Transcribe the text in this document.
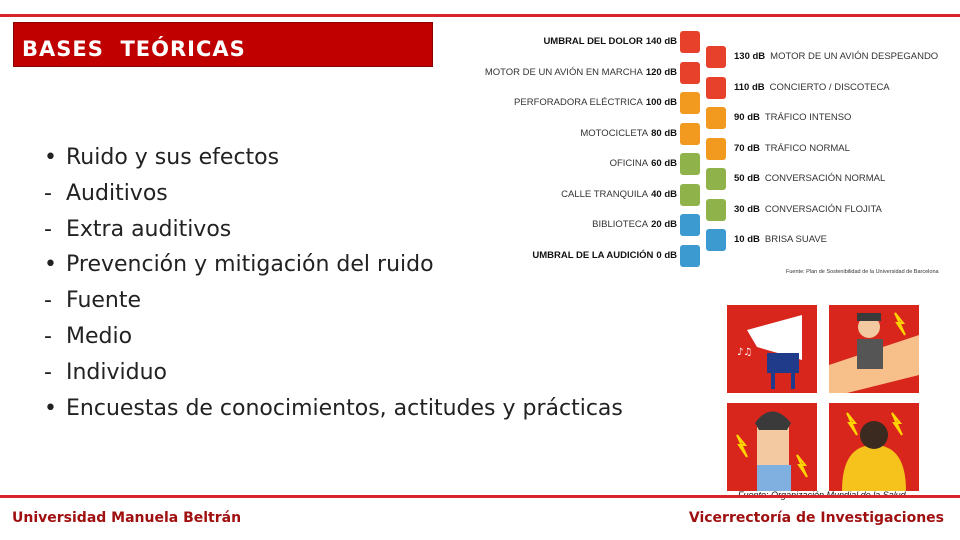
BASES  TEÓRICAS
• Ruido y sus efectos
- Auditivos
- Extra auditivos
• Prevención y mitigación del ruido
- Fuente
- Medio
- Individuo
• Encuestas de conocimientos, actitudes y prácticas
Fuente: Plan de Sostenibilidad de la Universidad de Barcelona
UMBRAL DEL DOLOR 140 dB
MOTOR DE UN AVIÓN EN MARCHA 120 dB
PERFORADORA ELÉCTRICA 100 dB
MOTOCICLETA 80 dB
OFICINA 60 dB
CALLE TRANQUILA 40 dB
BIBLIOTECA 20 dB
UMBRAL DE LA AUDICIÓN 0 dB
130 dB MOTOR DE UN AVIÓN DESPEGANDO
110 dB CONCIERTO / DISCOTECA
90 dB TRÁFICO INTENSO
70 dB TRÁFICO NORMAL
50 dB CONVERSACIÓN NORMAL
30 dB CONVERSACIÓN FLOJITA
10 dB BRISA SUAVE
♪♫
Universidad Manuela Beltrán	Vicerrectoría de Investigaciones
